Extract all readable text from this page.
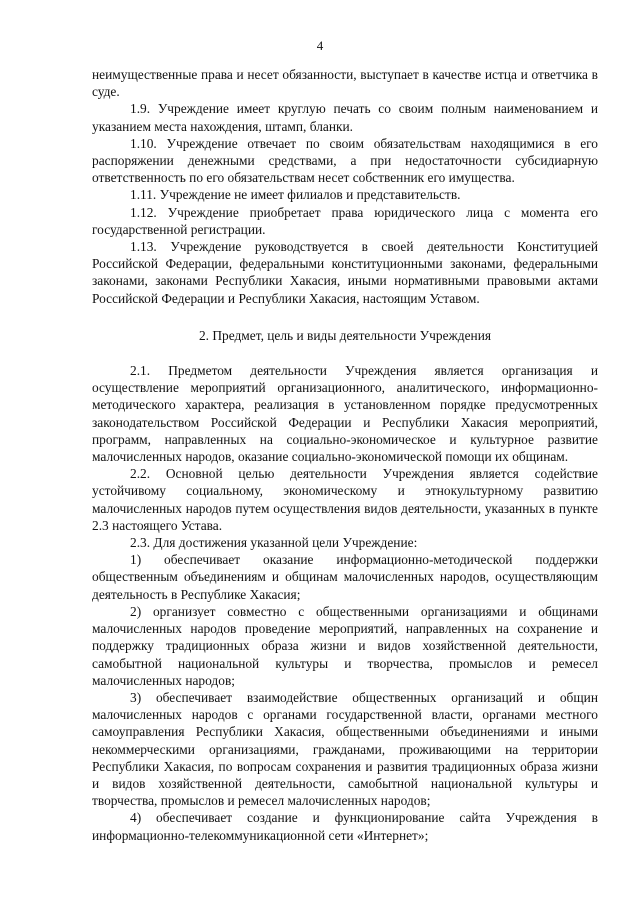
4

неимущественные права и несет обязанности, выступает в качестве истца и ответчика в суде.

1.9. Учреждение имеет круглую печать со своим полным наименованием и указанием места нахождения, штамп, бланки.

1.10. Учреждение отвечает по своим обязательствам находящимися в его распоряжении денежными средствами, а при недостаточности субсидиарную ответственность по его обязательствам несет собственник его имущества.

1.11. Учреждение не имеет филиалов и представительств.

1.12. Учреждение приобретает права юридического лица с момента его государственной регистрации.

1.13. Учреждение руководствуется в своей деятельности Конституцией Российской Федерации, федеральными конституционными законами, федеральными законами, законами Республики Хакасия, иными нормативными правовыми актами Российской Федерации и Республики Хакасия, настоящим Уставом.

2. Предмет, цель и виды деятельности Учреждения

2.1. Предметом деятельности Учреждения является организация и осуществление мероприятий организационного, аналитического, информационно-методического характера, реализация в установленном порядке предусмотренных законодательством Российской Федерации и Республики Хакасия мероприятий, программ, направленных на социально-экономическое и культурное развитие малочисленных народов, оказание социально-экономической помощи их общинам.

2.2. Основной целью деятельности Учреждения является содействие устойчивому социальному, экономическому и этнокультурному развитию малочисленных народов путем осуществления видов деятельности, указанных в пункте 2.3 настоящего Устава.

2.3. Для достижения указанной цели Учреждение:

1) обеспечивает оказание информационно-методической поддержки общественным объединениям и общинам малочисленных народов, осуществляющим деятельность в Республике Хакасия;

2) организует совместно с общественными организациями и общинами малочисленных народов проведение мероприятий, направленных на сохранение и поддержку традиционных образа жизни и видов хозяйственной деятельности, самобытной национальной культуры и творчества, промыслов и ремесел малочисленных народов;

3) обеспечивает взаимодействие общественных организаций и общин малочисленных народов с органами государственной власти, органами местного самоуправления Республики Хакасия, общественными объединениями и иными некоммерческими организациями, гражданами, проживающими на территории Республики Хакасия, по вопросам сохранения и развития традиционных образа жизни и видов хозяйственной деятельности, самобытной национальной культуры и творчества, промыслов и ремесел малочисленных народов;

4) обеспечивает создание и функционирование сайта Учреждения в информационно-телекоммуникационной сети «Интернет»;
